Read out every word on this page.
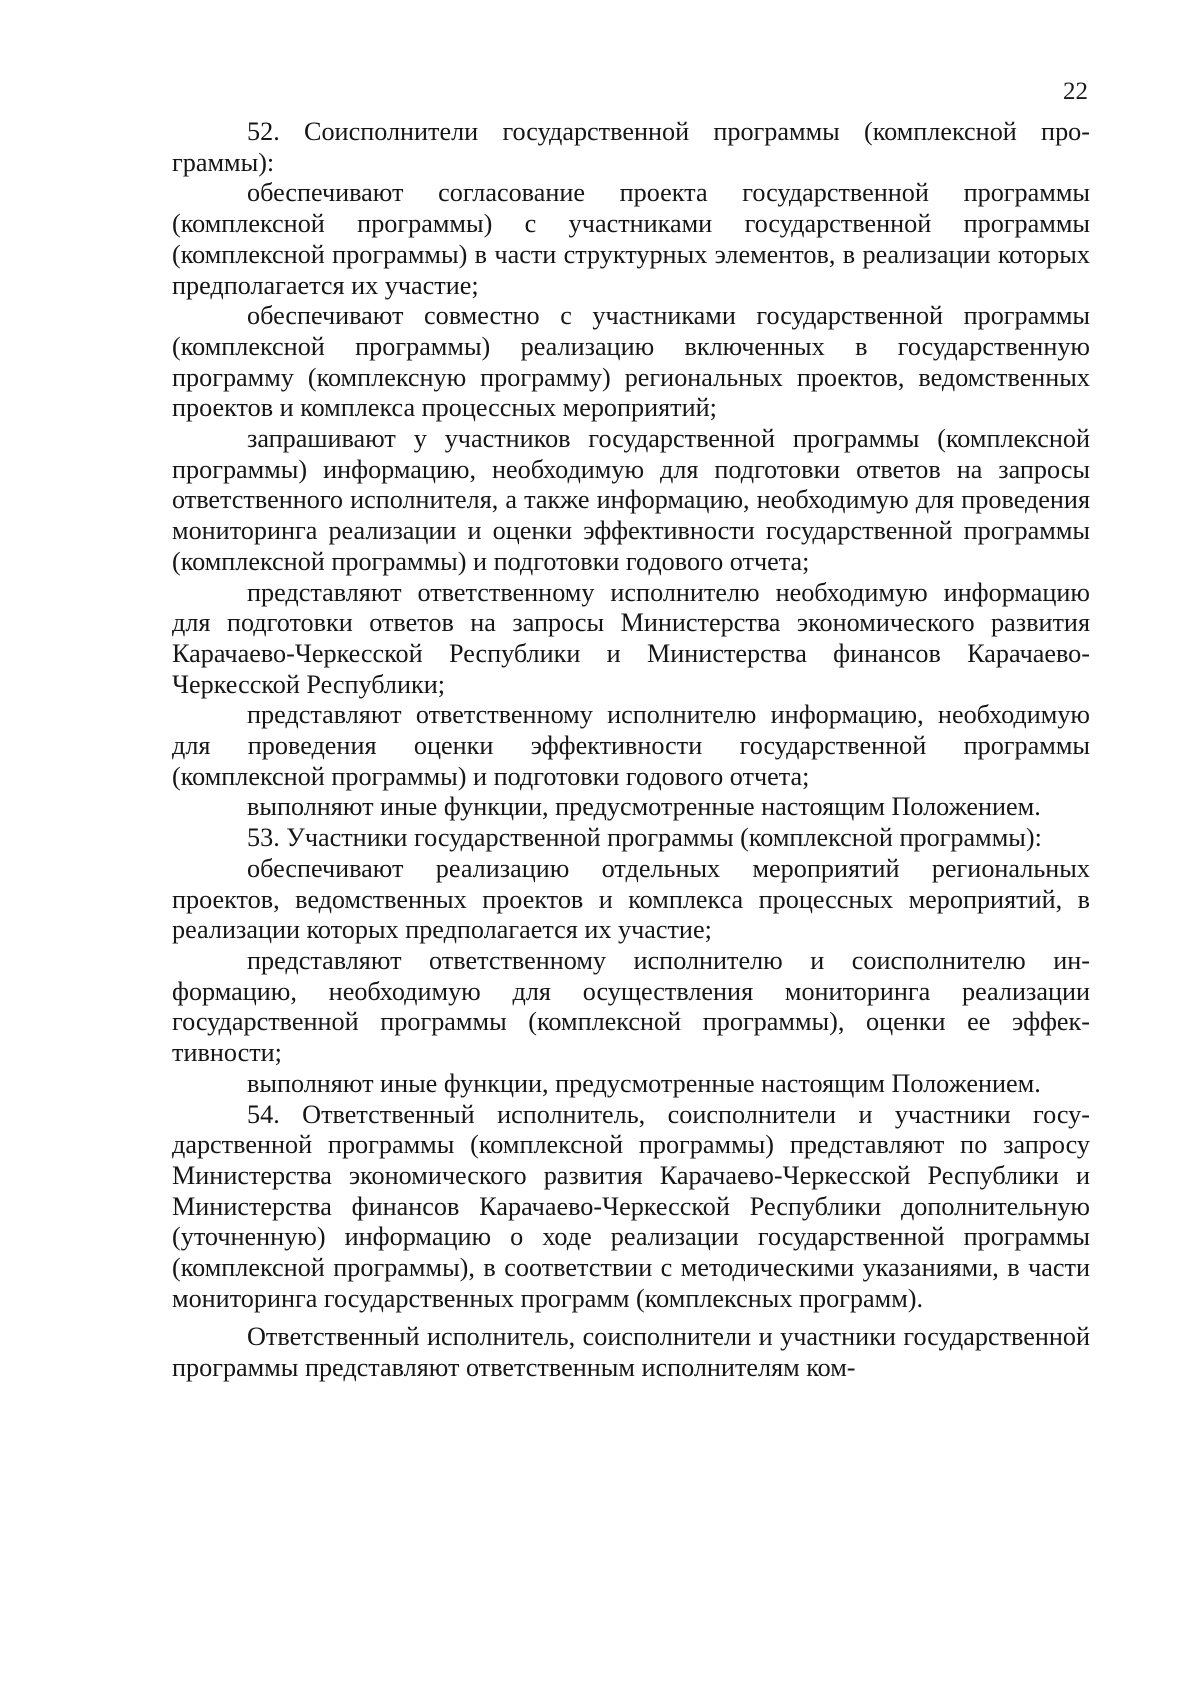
22

52. Соисполнители государственной программы (комплексной программы):

обеспечивают согласование проекта государственной программы (комплексной программы) с участниками государственной программы (комплексной программы) в части структурных элементов, в реализации которых предполагается их участие;

обеспечивают совместно с участниками государственной программы (комплексной программы) реализацию включенных в государственную программу (комплексную программу) региональных проектов, ведомственных проектов и комплекса процессных мероприятий;

запрашивают у участников государственной программы (комплексной программы) информацию, необходимую для подготовки ответов на запросы ответственного исполнителя, а также информацию, необходимую для проведения мониторинга реализации и оценки эффективности государственной программы (комплексной программы) и подготовки годового отчета;

представляют ответственному исполнителю необходимую информацию для подготовки ответов на запросы Министерства экономического развития Карачаево-Черкесской Республики и Министерства финансов Карачаево-Черкесской Республики;

представляют ответственному исполнителю информацию, необходимую для проведения оценки эффективности государственной программы (комплексной программы) и подготовки годового отчета;

выполняют иные функции, предусмотренные настоящим Положением.

53. Участники государственной программы (комплексной программы):

обеспечивают реализацию отдельных мероприятий региональных проектов, ведомственных проектов и комплекса процессных мероприятий, в реализации которых предполагается их участие;

представляют ответственному исполнителю и соисполнителю информацию, необходимую для осуществления мониторинга реализации государственной программы (комплексной программы), оценки ее эффективности;

выполняют иные функции, предусмотренные настоящим Положением.

54. Ответственный исполнитель, соисполнители и участники государственной программы (комплексной программы) представляют по запросу Министерства экономического развития Карачаево-Черкесской Республики и Министерства финансов Карачаево-Черкесской Республики дополнительную (уточненную) информацию о ходе реализации государственной программы (комплексной программы), в соответствии с методическими указаниями, в части мониторинга государственных программ (комплексных программ).

Ответственный исполнитель, соисполнители и участники государственной программы представляют ответственным исполнителям ком-
